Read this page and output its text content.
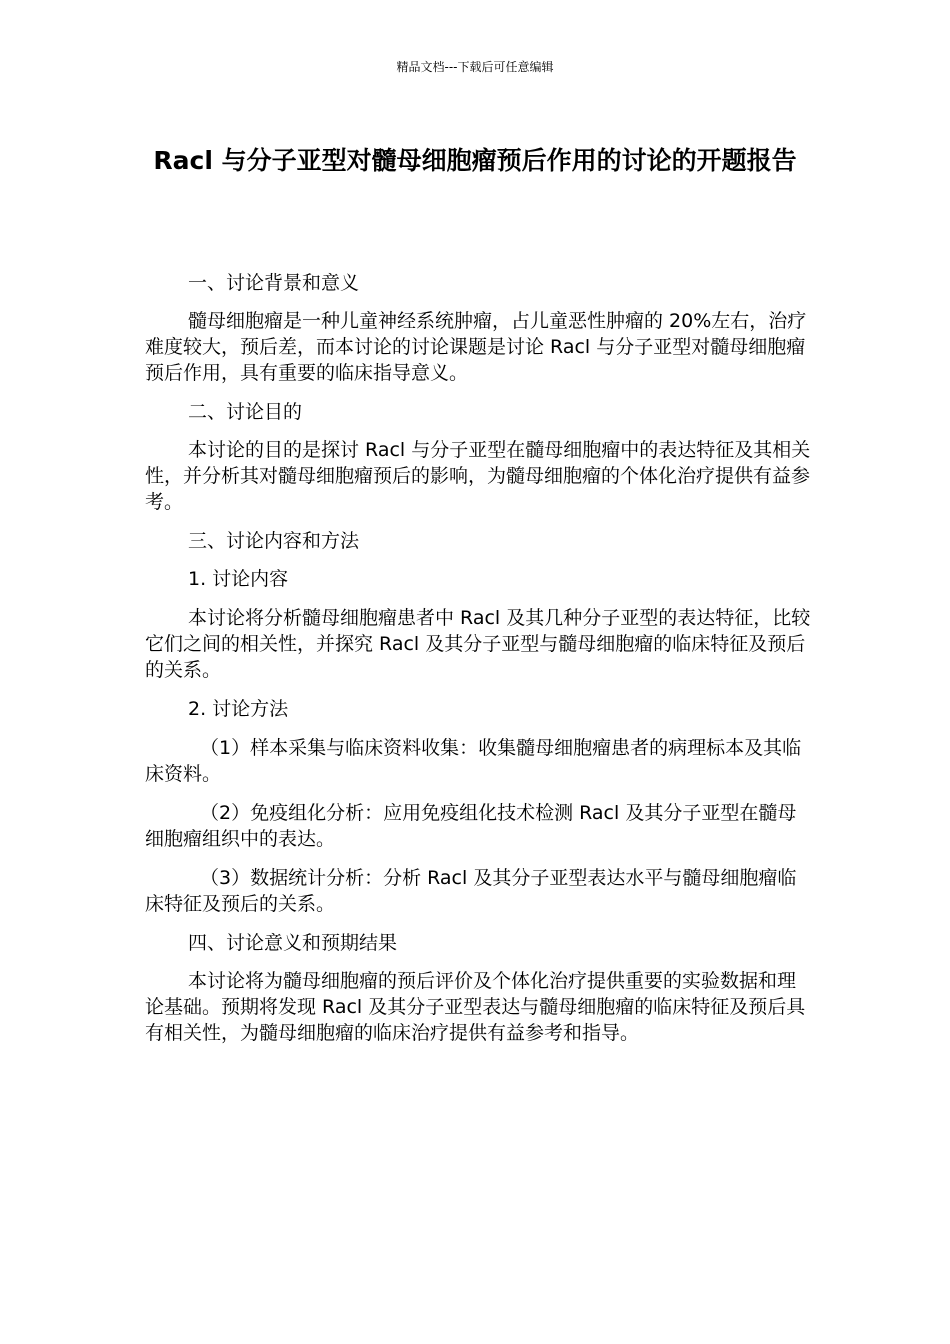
精品文档---下载后可任意编辑
Racl 与分子亚型对髓母细胞瘤预后作用的讨论的开题报告

一、讨论背景和意义

髓母细胞瘤是一种儿童神经系统肿瘤，占儿童恶性肿瘤的 20%左右，治疗难度较大，预后差，而本讨论的讨论课题是讨论 Racl 与分子亚型对髓母细胞瘤预后作用，具有重要的临床指导意义。

二、讨论目的

本讨论的目的是探讨 Racl 与分子亚型在髓母细胞瘤中的表达特征及其相关性，并分析其对髓母细胞瘤预后的影响，为髓母细胞瘤的个体化治疗提供有益参考。

三、讨论内容和方法

1. 讨论内容

本讨论将分析髓母细胞瘤患者中 Racl 及其几种分子亚型的表达特征，比较它们之间的相关性，并探究 Racl 及其分子亚型与髓母细胞瘤的临床特征及预后的关系。

2. 讨论方法

（1）样本采集与临床资料收集：收集髓母细胞瘤患者的病理标本及其临床资料。

（2）免疫组化分析：应用免疫组化技术检测 Racl 及其分子亚型在髓母细胞瘤组织中的表达。

（3）数据统计分析：分析 Racl 及其分子亚型表达水平与髓母细胞瘤临床特征及预后的关系。

四、讨论意义和预期结果

本讨论将为髓母细胞瘤的预后评价及个体化治疗提供重要的实验数据和理论基础。预期将发现 Racl 及其分子亚型表达与髓母细胞瘤的临床特征及预后具有相关性，为髓母细胞瘤的临床治疗提供有益参考和指导。
